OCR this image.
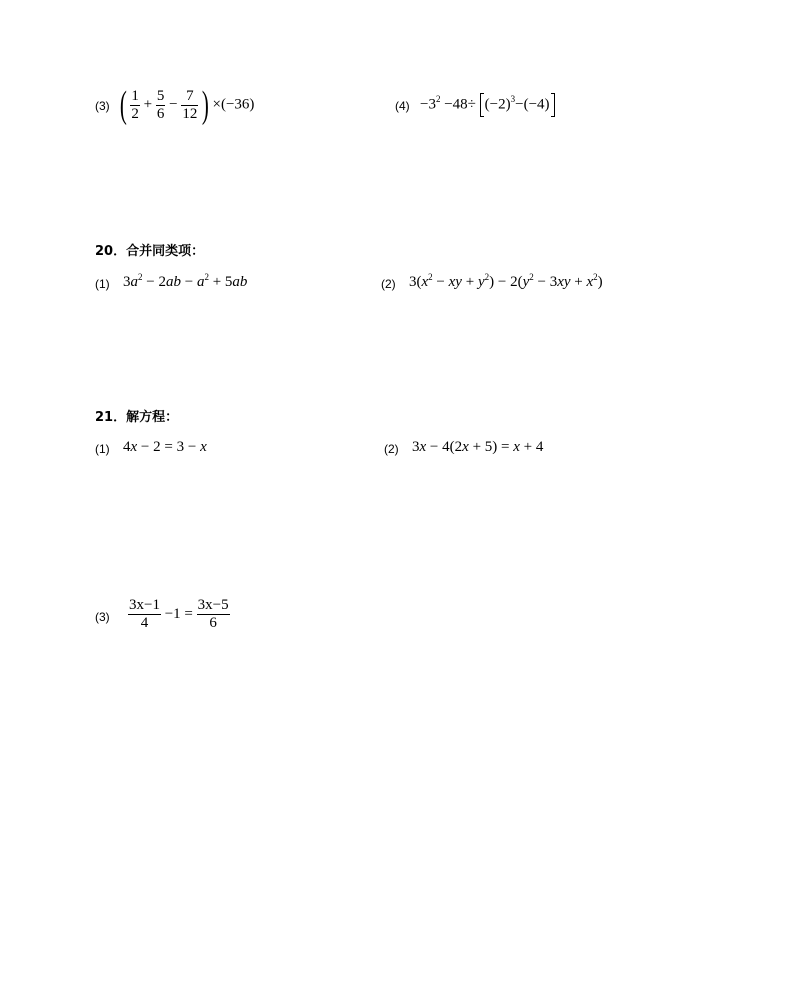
(3) ( $\frac{1}{2} + \frac{5}{6} - \frac{7}{12}$ ) ×(−36)	$(4) -3^2 -48\div (-2)^3-(-4)$
20．合并同类项：
(1) $3a^2 - 2ab - a^2 + 5ab$	(2) $3(x^2$ − xy + $y^2) - 2(y^2 - 3xy + x^2)$
21．解方程：
(1) 4x − 2 = 3 − x	(2) 3x − 4(2x + 5) = x + 4
$(3) \frac{3x-1}{4} -1 = \frac{3x-5}{6}$
